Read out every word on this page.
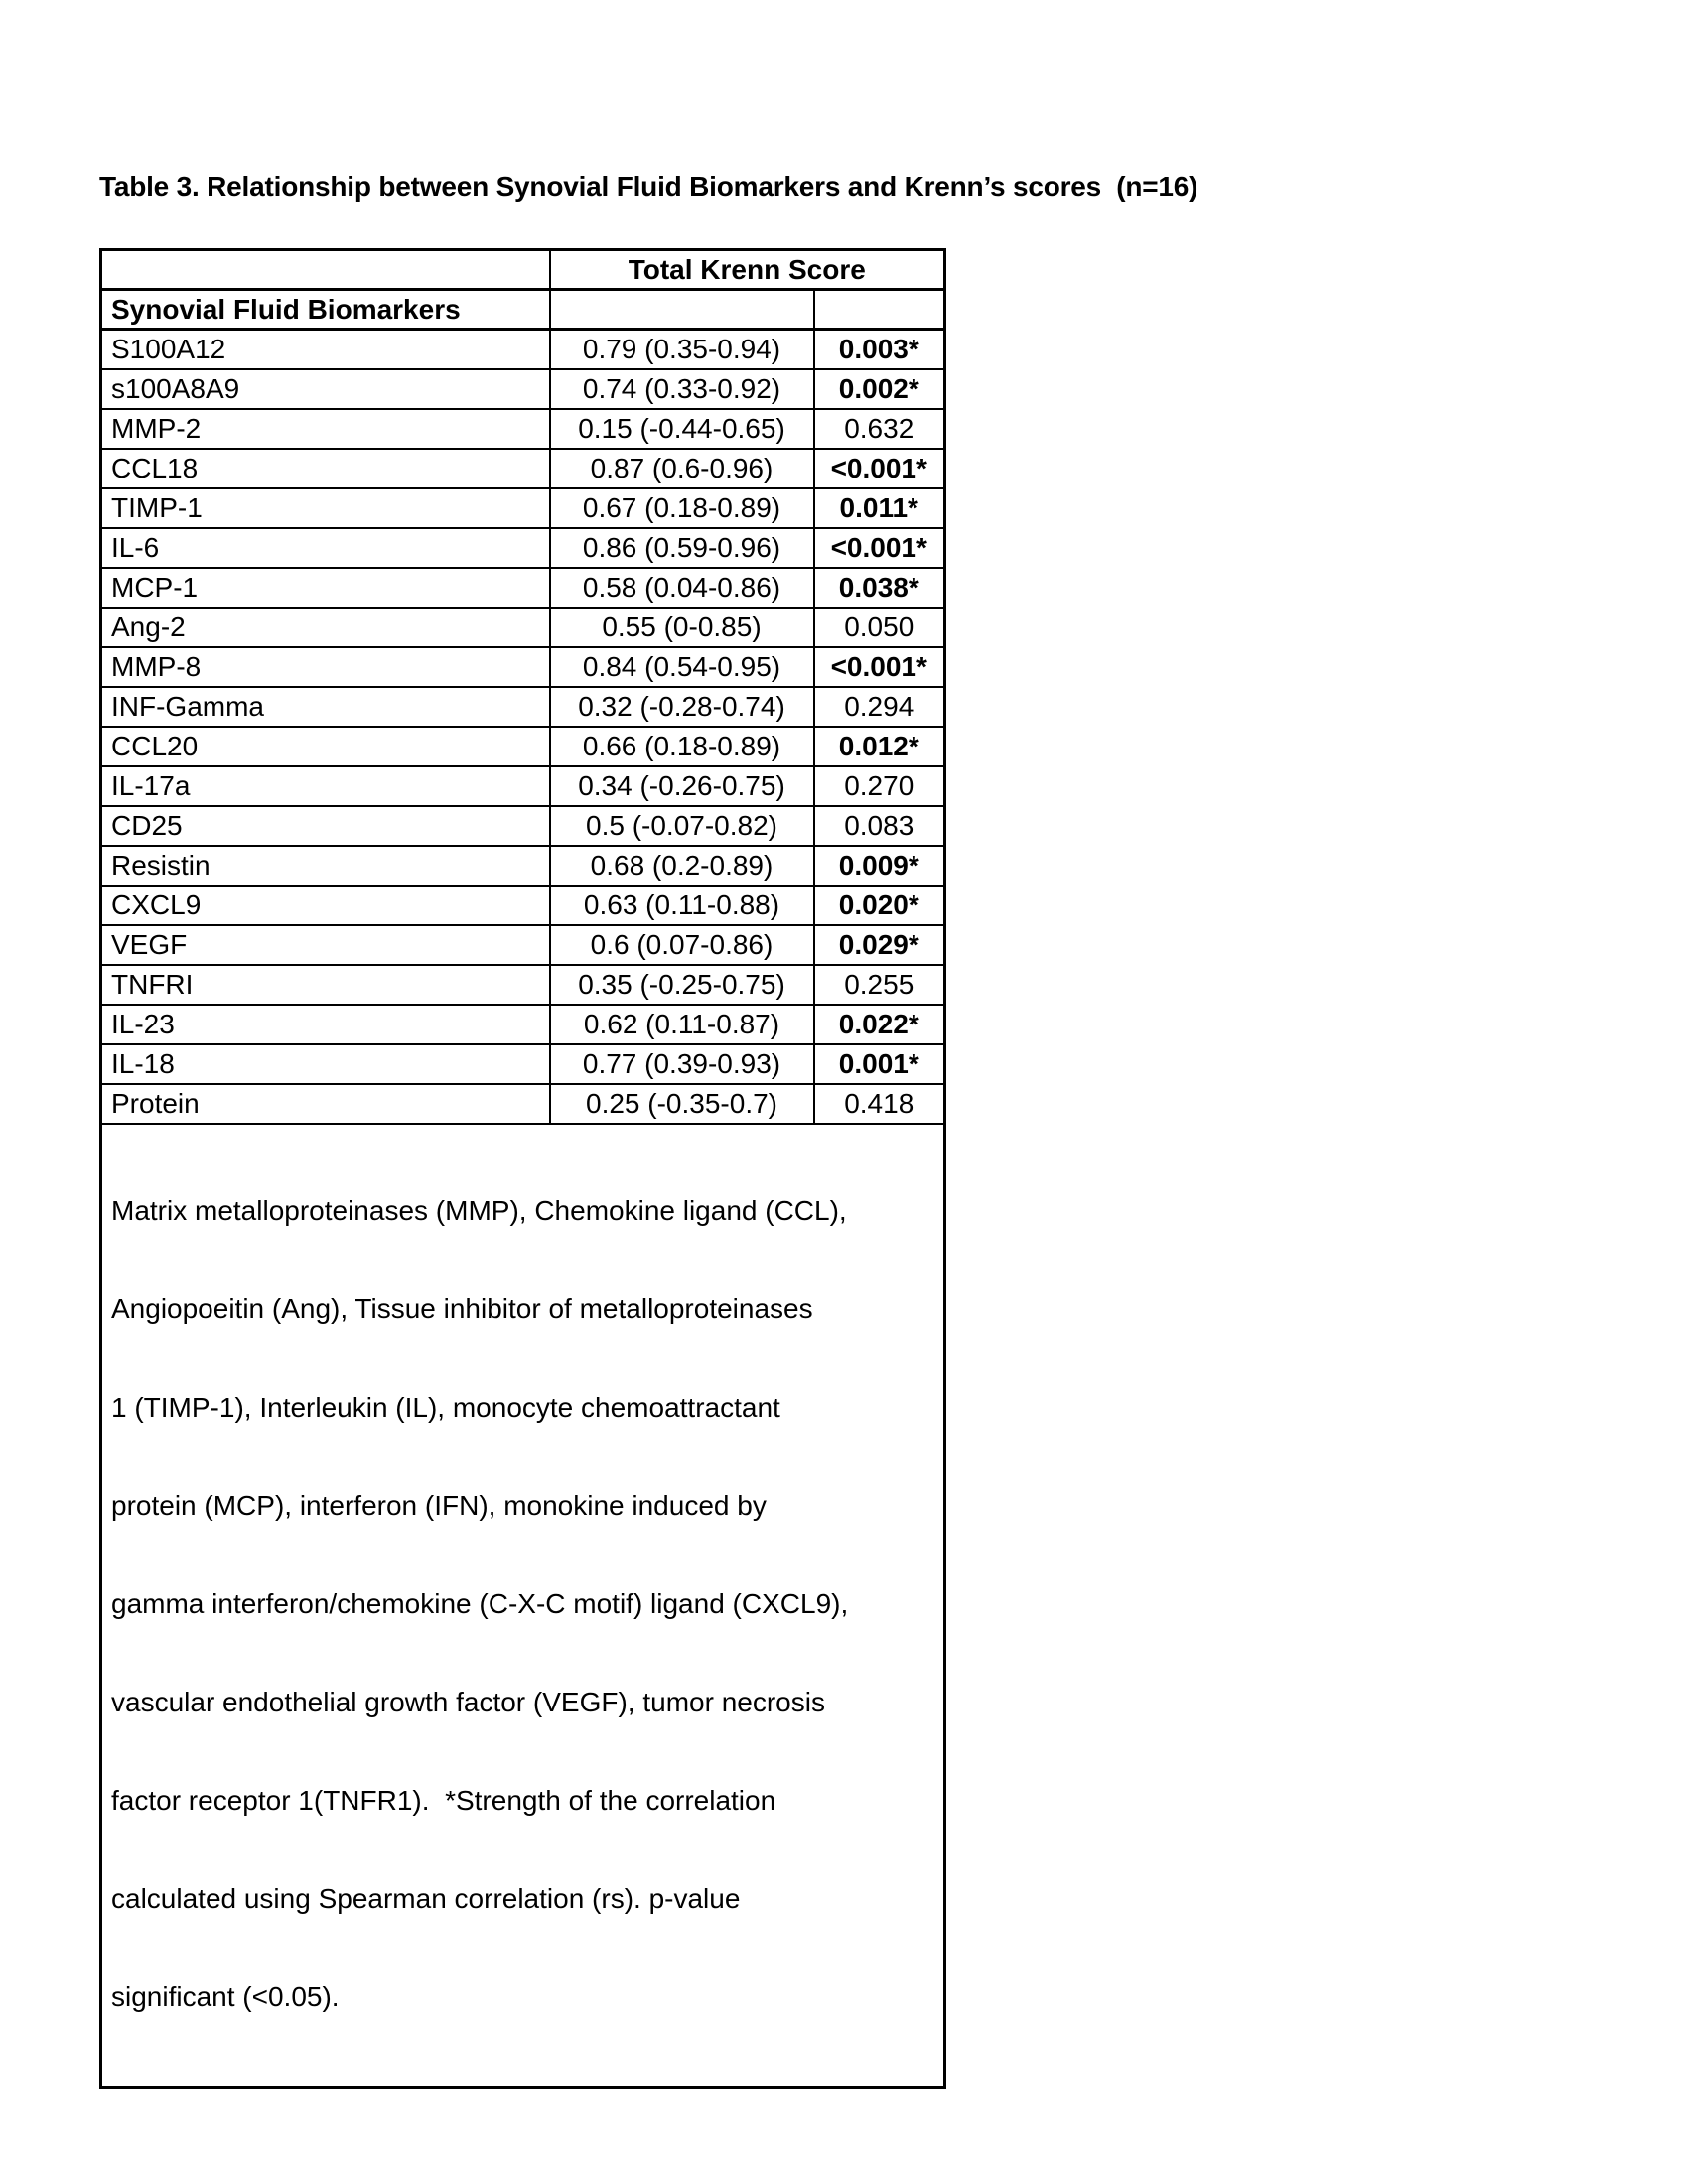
Table 3. Relationship between Synovial Fluid Biomarkers and Krenn’s scores  (n=16)
	Total Krenn Score	
Synovial Fluid Biomarkers		
S100A12	0.79 (0.35-0.94)	0.003*
s100A8A9	0.74 (0.33-0.92)	0.002*
MMP-2	0.15 (-0.44-0.65)	0.632
CCL18	0.87 (0.6-0.96)	<0.001*
TIMP-1	0.67 (0.18-0.89)	0.011*
IL-6	0.86 (0.59-0.96)	<0.001*
MCP-1	0.58 (0.04-0.86)	0.038*
Ang-2	0.55 (0-0.85)	0.050
MMP-8	0.84 (0.54-0.95)	<0.001*
INF-Gamma	0.32 (-0.28-0.74)	0.294
CCL20	0.66 (0.18-0.89)	0.012*
IL-17a	0.34 (-0.26-0.75)	0.270
CD25	0.5 (-0.07-0.82)	0.083
Resistin	0.68 (0.2-0.89)	0.009*
CXCL9	0.63 (0.11-0.88)	0.020*
VEGF	0.6 (0.07-0.86)	0.029*
TNFRI	0.35 (-0.25-0.75)	0.255
IL-23	0.62 (0.11-0.87)	0.022*
IL-18	0.77 (0.39-0.93)	0.001*
Protein	0.25 (-0.35-0.7)	0.418

Matrix metalloproteinases (MMP), Chemokine ligand (CCL),

Angiopoeitin (Ang), Tissue inhibitor of metalloproteinases

1 (TIMP-1), Interleukin (IL), monocyte chemoattractant

protein (MCP), interferon (IFN), monokine induced by

gamma interferon/chemokine (C-X-C motif) ligand (CXCL9),

vascular endothelial growth factor (VEGF), tumor necrosis

factor receptor 1(TNFR1).  *Strength of the correlation

calculated using Spearman correlation (rs). p-value

significant (<0.05).
